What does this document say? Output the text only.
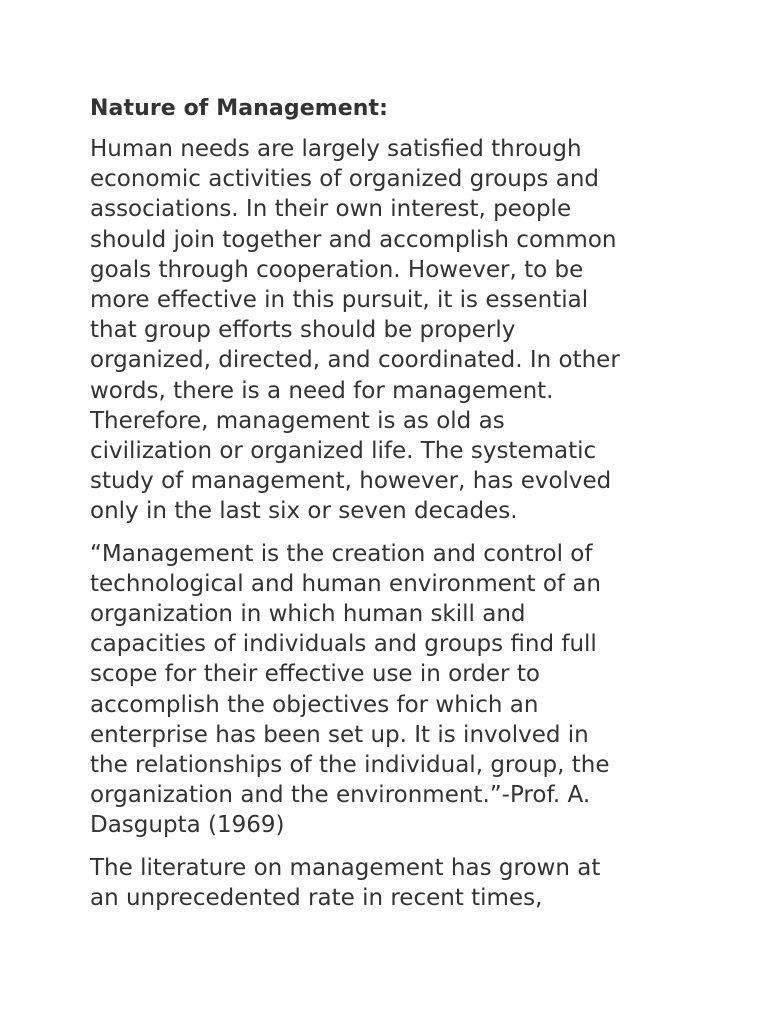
Nature of Management:
Human needs are largely satisfied through
economic activities of organized groups and
associations. In their own interest, people
should join together and accomplish common
goals through cooperation. However, to be
more effective in this pursuit, it is essential
that group efforts should be properly
organized, directed, and coordinated. In other
words, there is a need for management.
Therefore, management is as old as
civilization or organized life. The systematic
study of management, however, has evolved
only in the last six or seven decades.
“Management is the creation and control of
technological and human environment of an
organization in which human skill and
capacities of individuals and groups find full
scope for their effective use in order to
accomplish the objectives for which an
enterprise has been set up. It is involved in
the relationships of the individual, group, the
organization and the environment.”-Prof. A.
Dasgupta (1969)
The literature on management has grown at
an unprecedented rate in recent times,
